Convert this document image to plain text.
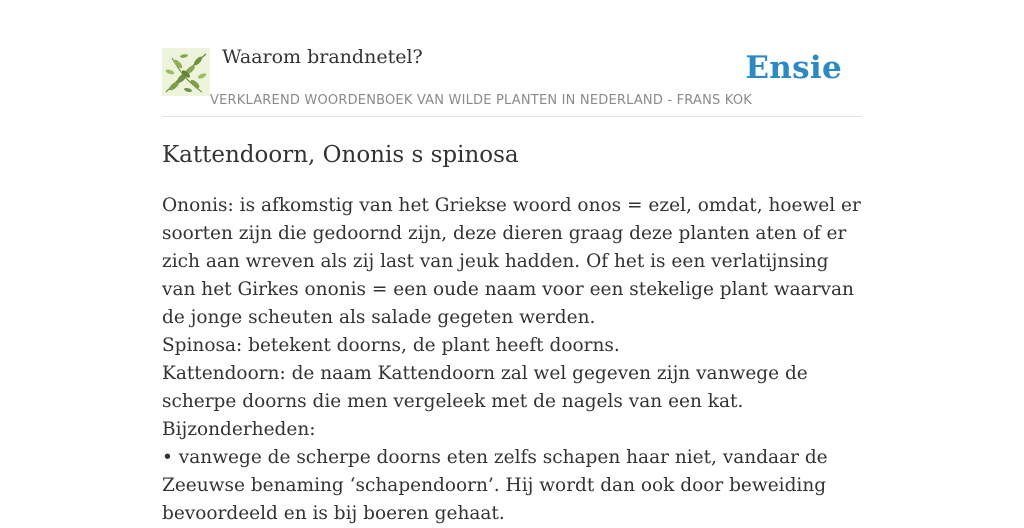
Waarom brandnetel?	Ensie
VERKLAREND WOORDENBOEK VAN WILDE PLANTEN IN NEDERLAND - FRANS KOK
Kattendoorn, Ononis s spinosa

Ononis: is afkomstig van het Griekse woord onos = ezel, omdat, hoewel er soorten zijn die gedoornd zijn, deze dieren graag deze planten aten of er zich aan wreven als zij last van jeuk hadden. Of het is een verlatijnsing van het Girkes ononis = een oude naam voor een stekelige plant waarvan de jonge scheuten als salade gegeten werden.

Spinosa: betekent doorns, de plant heeft doorns.

Kattendoorn: de naam Kattendoorn zal wel gegeven zijn vanwege de scherpe doorns die men vergeleek met de nagels van een kat.

Bijzonderheden:

• vanwege de scherpe doorns eten zelfs schapen haar niet, vandaar de Zeeuwse benaming ‘schapendoorn’. Hij wordt dan ook door beweiding bevoordeeld en is bij boeren gehaat.
